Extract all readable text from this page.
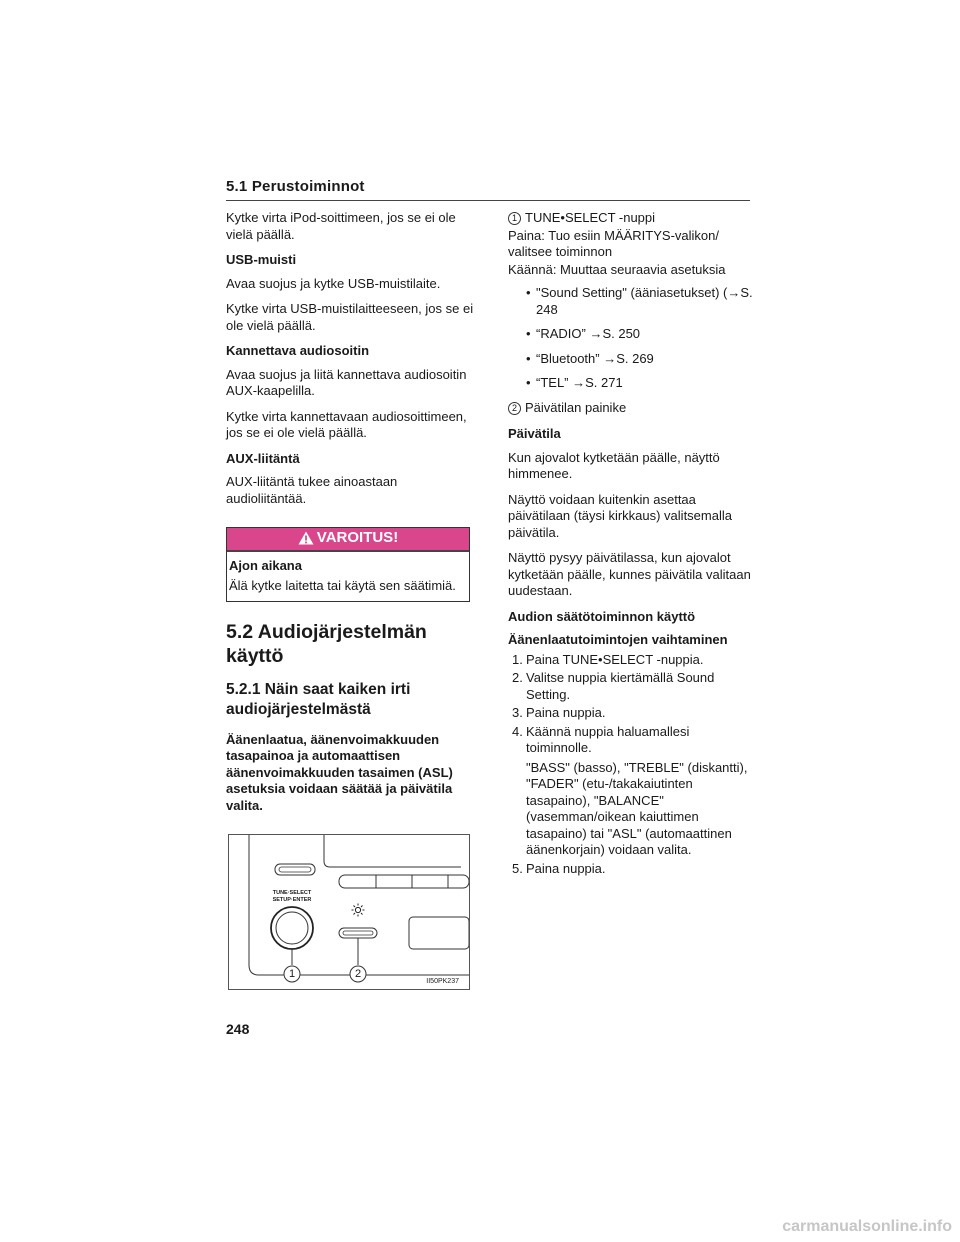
5.1 Perustoiminnot

Kytke virta iPod-soittimeen, jos se ei ole vielä päällä.

USB-muisti

Avaa suojus ja kytke USB-muistilaite.

Kytke virta USB-muistilaitteeseen, jos se ei ole vielä päällä.

Kannettava audiosoitin

Avaa suojus ja liitä kannettava audiosoitin AUX-kaapelilla.

Kytke virta kannettavaan audiosoittimeen, jos se ei ole vielä päällä.

AUX-liitäntä

AUX-liitäntä tukee ainoastaan audioliitäntää.

VAROITUS!

Ajon aikana

Älä kytke laitetta tai käytä sen säätimiä.

5.2 Audiojärjestelmän käyttö
5.2.1 Näin saat kaiken irti audiojärjestelmästä
Äänenlaatua, äänenvoimakkuuden tasapainoa ja automaattisen äänenvoimakkuuden tasaimen (ASL) asetuksia voidaan säätää ja päivätila valita.
TUNE·SELECT
SETUP·ENTER
1	2
II50PK237

1 TUNE•SELECT -nuppi

Paina: Tuo esiin MÄÄRITYS-valikon/ valitsee toiminnon

Käännä: Muuttaa seuraavia asetuksia

• "Sound Setting" (ääniasetukset) (→S. 248
• “RADIO” →S. 250
• “Bluetooth” →S. 269
• “TEL” →S. 271

2 Päivätilan painike

Päivätila

Kun ajovalot kytketään päälle, näyttö himmenee.

Näyttö voidaan kuitenkin asettaa päivätilaan (täysi kirkkaus) valitsemalla päivätila.

Näyttö pysyy päivätilassa, kun ajovalot kytketään päälle, kunnes päivätila valitaan uudestaan.

Audion säätötoiminnon käyttö

Äänenlaatutoimintojen vaihtaminen

1. Paina TUNE•SELECT -nuppia.
2. Valitse nuppia kiertämällä Sound Setting.
3. Paina nuppia.
4. Käännä nuppia haluamallesi toiminnolle.
"BASS" (basso), "TREBLE" (diskantti), "FADER" (etu-/takakaiutinten tasapaino), "BALANCE" (vasemman/oikean kaiuttimen tasapaino) tai "ASL" (automaattinen äänenkorjain) voidaan valita.
5. Paina nuppia.
248
carmanualsonline.info
